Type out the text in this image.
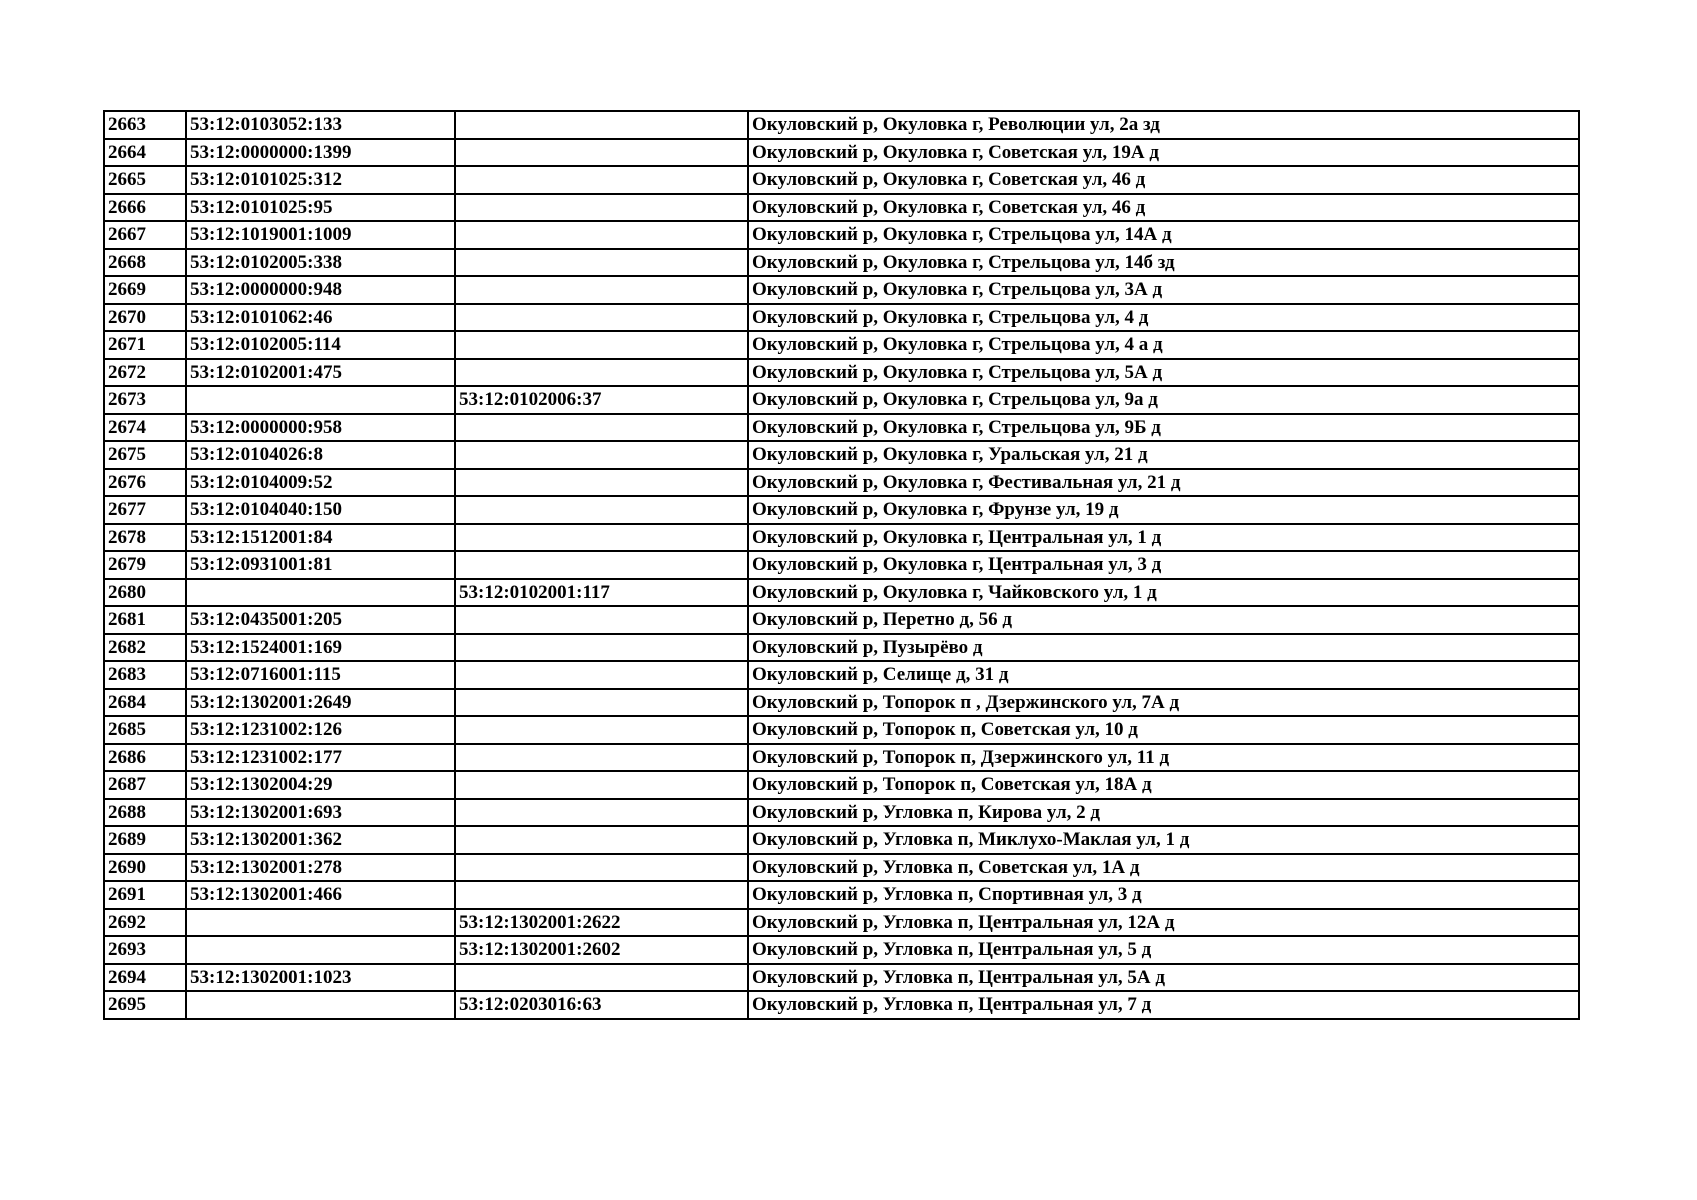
2663	53:12:0103052:133		Окуловский р, Окуловка г, Революции ул, 2а зд
2664	53:12:0000000:1399		Окуловский р, Окуловка г, Советская ул, 19А д
2665	53:12:0101025:312		Окуловский р, Окуловка г, Советская ул, 46 д
2666	53:12:0101025:95		Окуловский р, Окуловка г, Советская ул, 46 д
2667	53:12:1019001:1009		Окуловский р, Окуловка г, Стрельцова ул, 14А д
2668	53:12:0102005:338		Окуловский р, Окуловка г, Стрельцова ул, 14б зд
2669	53:12:0000000:948		Окуловский р, Окуловка г, Стрельцова ул, 3А д
2670	53:12:0101062:46		Окуловский р, Окуловка г, Стрельцова ул, 4 д
2671	53:12:0102005:114		Окуловский р, Окуловка г, Стрельцова ул, 4 а д
2672	53:12:0102001:475		Окуловский р, Окуловка г, Стрельцова ул, 5А д
2673		53:12:0102006:37	Окуловский р, Окуловка г, Стрельцова ул, 9а д
2674	53:12:0000000:958		Окуловский р, Окуловка г, Стрельцова ул, 9Б д
2675	53:12:0104026:8		Окуловский р, Окуловка г, Уральская ул, 21 д
2676	53:12:0104009:52		Окуловский р, Окуловка г, Фестивальная ул, 21 д
2677	53:12:0104040:150		Окуловский р, Окуловка г, Фрунзе ул, 19 д
2678	53:12:1512001:84		Окуловский р, Окуловка г, Центральная ул, 1 д
2679	53:12:0931001:81		Окуловский р, Окуловка г, Центральная ул, 3 д
2680		53:12:0102001:117	Окуловский р, Окуловка г, Чайковского ул, 1 д
2681	53:12:0435001:205		Окуловский р, Перетно д, 56 д
2682	53:12:1524001:169		Окуловский р, Пузырёво д
2683	53:12:0716001:115		Окуловский р, Селище д, 31 д
2684	53:12:1302001:2649		Окуловский р, Топорок п , Дзержинского ул, 7А д
2685	53:12:1231002:126		Окуловский р, Топорок п, Советская ул, 10 д
2686	53:12:1231002:177		Окуловский р, Топорок п, Дзержинского ул, 11 д
2687	53:12:1302004:29		Окуловский р, Топорок п, Советская ул, 18А д
2688	53:12:1302001:693		Окуловский р, Угловка п, Кирова ул, 2 д
2689	53:12:1302001:362		Окуловский р, Угловка п, Миклухо-Маклая ул, 1 д
2690	53:12:1302001:278		Окуловский р, Угловка п, Советская ул, 1А д
2691	53:12:1302001:466		Окуловский р, Угловка п, Спортивная ул, 3 д
2692		53:12:1302001:2622	Окуловский р, Угловка п, Центральная ул, 12А д
2693		53:12:1302001:2602	Окуловский р, Угловка п, Центральная ул, 5 д
2694	53:12:1302001:1023		Окуловский р, Угловка п, Центральная ул, 5А д
2695		53:12:0203016:63	Окуловский р, Угловка п, Центральная ул, 7 д
